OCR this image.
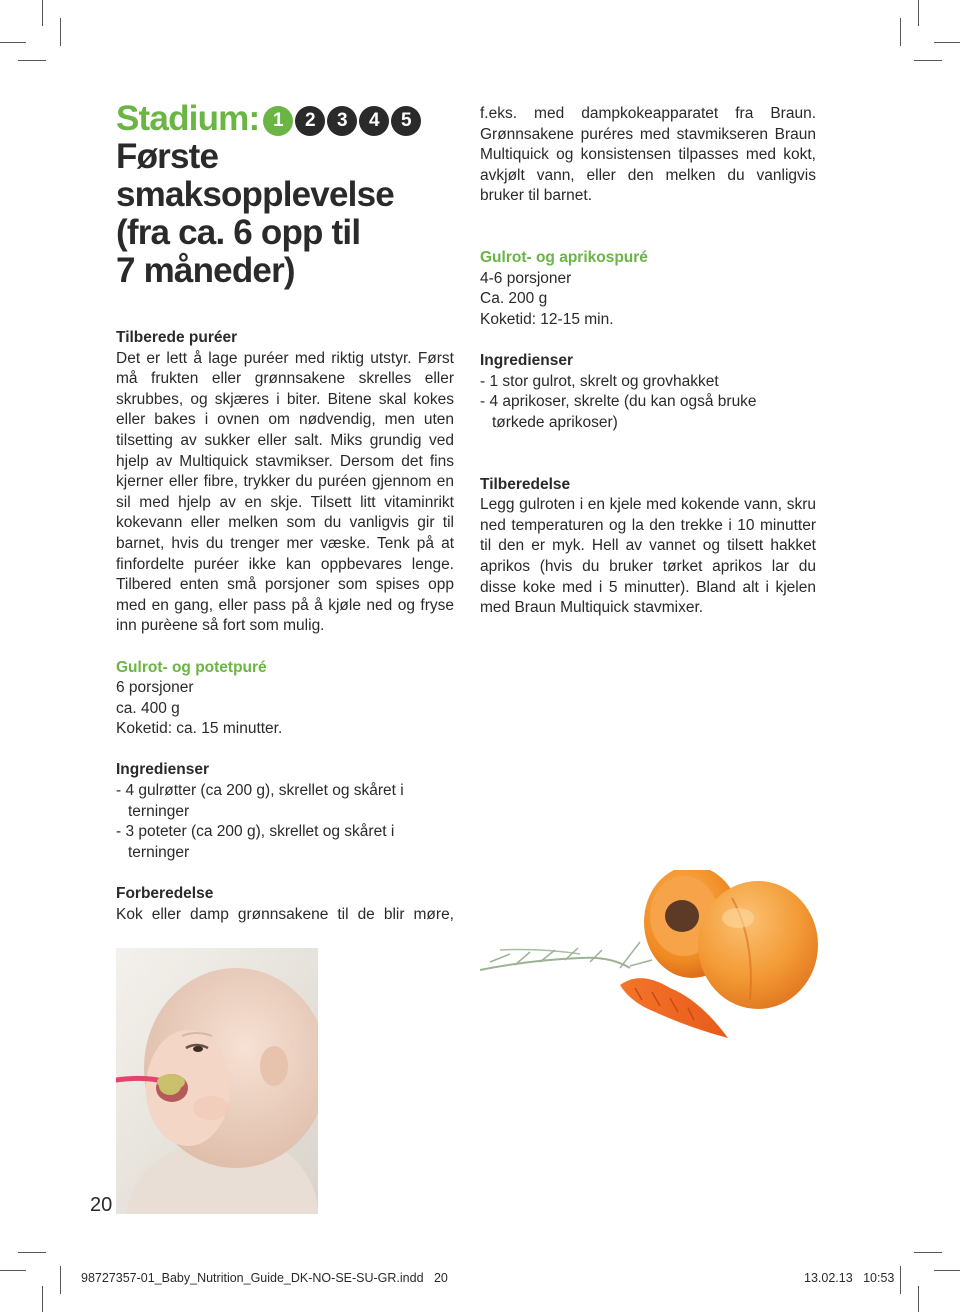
Stadium: 1	2	3	4	5
Første
smaksopplevelse
(fra ca. 6 opp til
7 måneder)
Tilberede puréer
Det er lett å lage puréer med riktig utstyr. Først må frukten eller grønnsakene skrelles eller skrubbes, og skjæres i biter. Bitene skal kokes eller bakes i ovnen om nødvendig, men uten tilsetting av sukker eller salt. Miks grundig ved hjelp av Multiquick stavmikser. Dersom det fins kjerner eller fibre, trykker du puréen gjennom en sil med hjelp av en skje. Tilsett litt vitaminrikt kokevann eller melken som du vanligvis gir til barnet, hvis du trenger mer væske. Tenk på at finfordelte puréer ikke kan oppbevares lenge. Tilbered enten små porsjoner som spises opp med en gang, eller pass på å kjøle ned og fryse inn purèene så fort som mulig.
Gulrot- og potetpuré
6 porsjoner
ca. 400 g
Koketid: ca. 15 minutter.
Ingredienser
- 4 gulrøtter (ca 200 g), skrellet og skåret i terninger
- 3 poteter (ca 200 g), skrellet og skåret i terninger
Forberedelse
Kok eller damp grønnsakene til de blir møre,
f.eks. med dampkokeapparatet fra Braun. Grønnsakene puréres med stavmikseren Braun Multiquick og konsistensen tilpasses med kokt, avkjølt vann, eller den melken du vanligvis bruker til barnet.
Gulrot- og aprikospuré
4-6 porsjoner
Ca. 200 g
Koketid: 12-15 min.
Ingredienser
- 1 stor gulrot, skrelt og grovhakket
- 4 aprikoser, skrelte (du kan også bruke tørkede aprikoser)
Tilberedelse
Legg gulroten i en kjele med kokende vann, skru ned temperaturen og la den trekke i 10 minutter til den er myk. Hell av vannet og tilsett hakket aprikos (hvis du bruker tørket aprikos lar du disse koke med i 5 minutter). Bland alt i kjelen med Braun Multiquick stavmixer.
20
98727357-01_Baby_Nutrition_Guide_DK-NO-SE-SU-GR.indd   20	13.02.13   10:53
